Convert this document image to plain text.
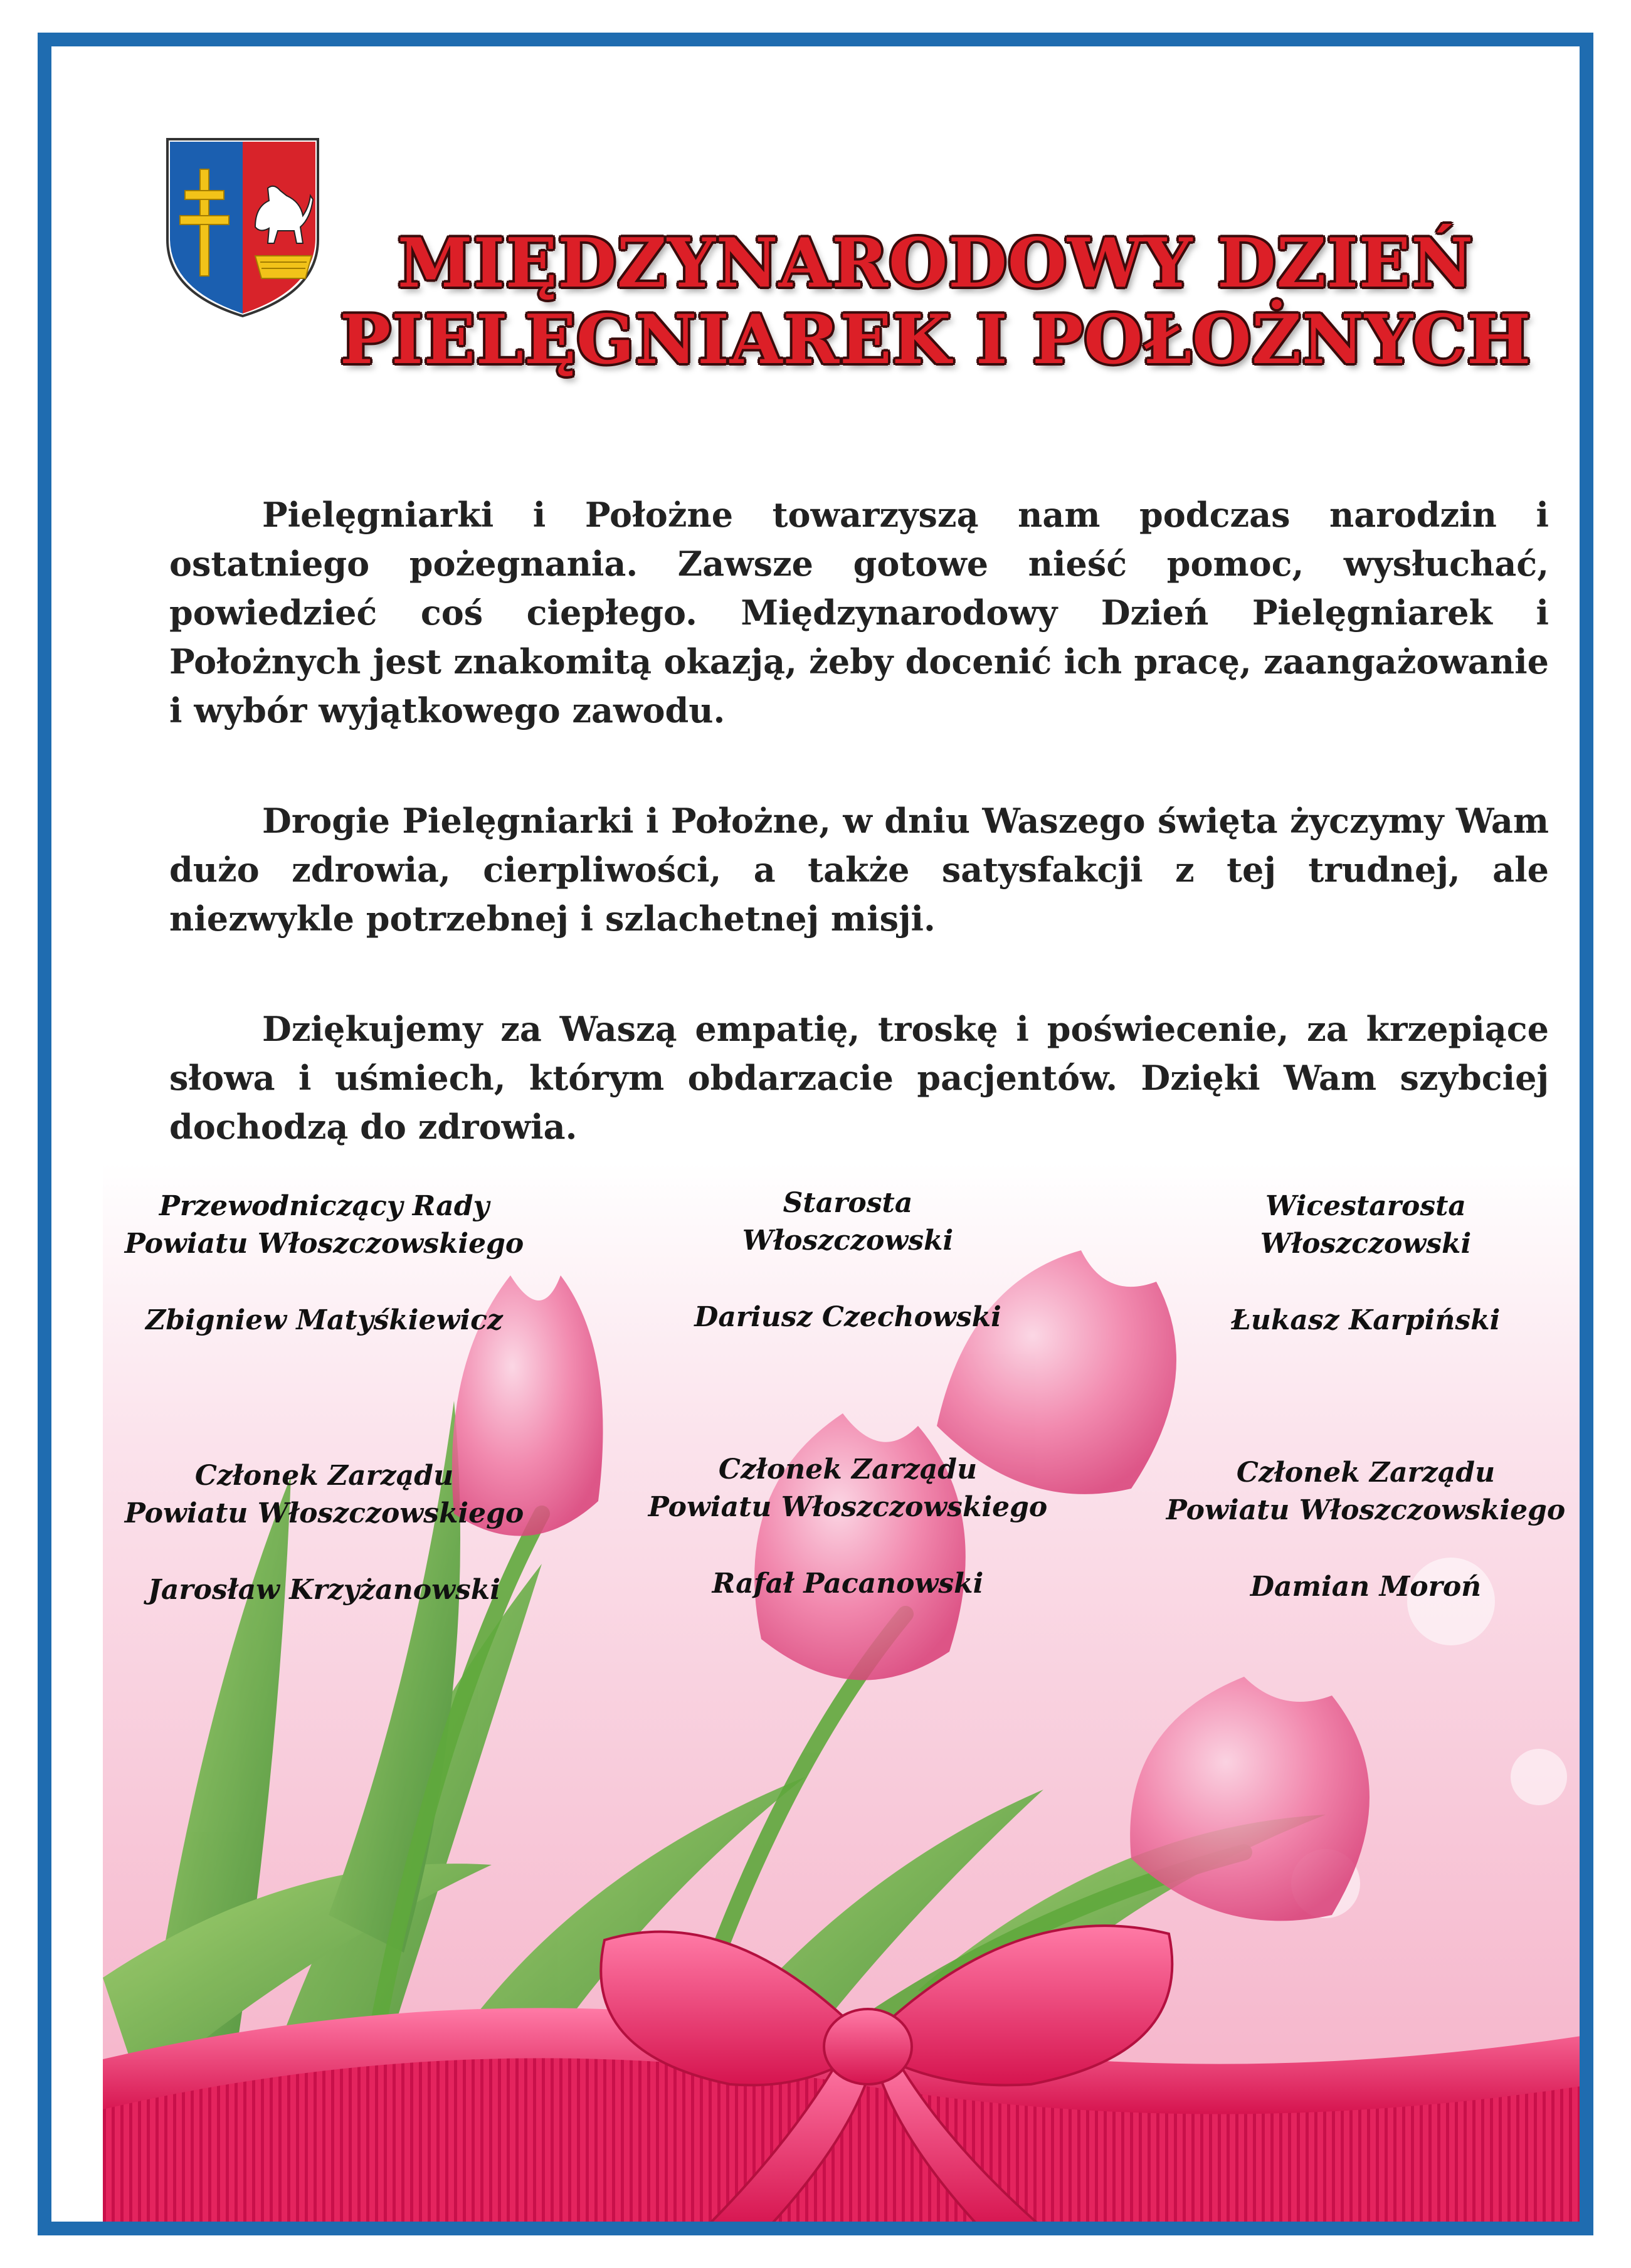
MIĘDZYNARODOWY DZIEŃ
PIELĘGNIAREK I POŁOŻNYCH

Pielęgniarki i Położne towarzyszą nam podczas narodzin i ostatniego pożegnania. Zawsze gotowe nieść pomoc, wysłuchać, powiedzieć coś ciepłego. Międzynarodowy Dzień Pielęgniarek i Położnych jest znakomitą okazją, żeby docenić ich pracę, zaangażowanie i wybór wyjątkowego zawodu.

Drogie Pielęgniarki i Położne, w dniu Waszego święta życzymy Wam dużo zdrowia, cierpliwości, a także satysfakcji z tej trudnej, ale niezwykle potrzebnej i szlachetnej misji.

Dziękujemy za Waszą empatię, troskę i poświecenie, za krzepiące słowa i uśmiech, którym obdarzacie pacjentów. Dzięki Wam szybciej dochodzą do zdrowia.

Przewodniczący Rady
Powiatu Włoszczowskiego
Zbigniew Matyśkiewicz
Starosta
Włoszczowski
Dariusz Czechowski
Wicestarosta
Włoszczowski
Łukasz Karpiński
Członek Zarządu
Powiatu Włoszczowskiego
Jarosław Krzyżanowski
Członek Zarządu
Powiatu Włoszczowskiego
Rafał Pacanowski
Członek Zarządu
Powiatu Włoszczowskiego
Damian Moroń
